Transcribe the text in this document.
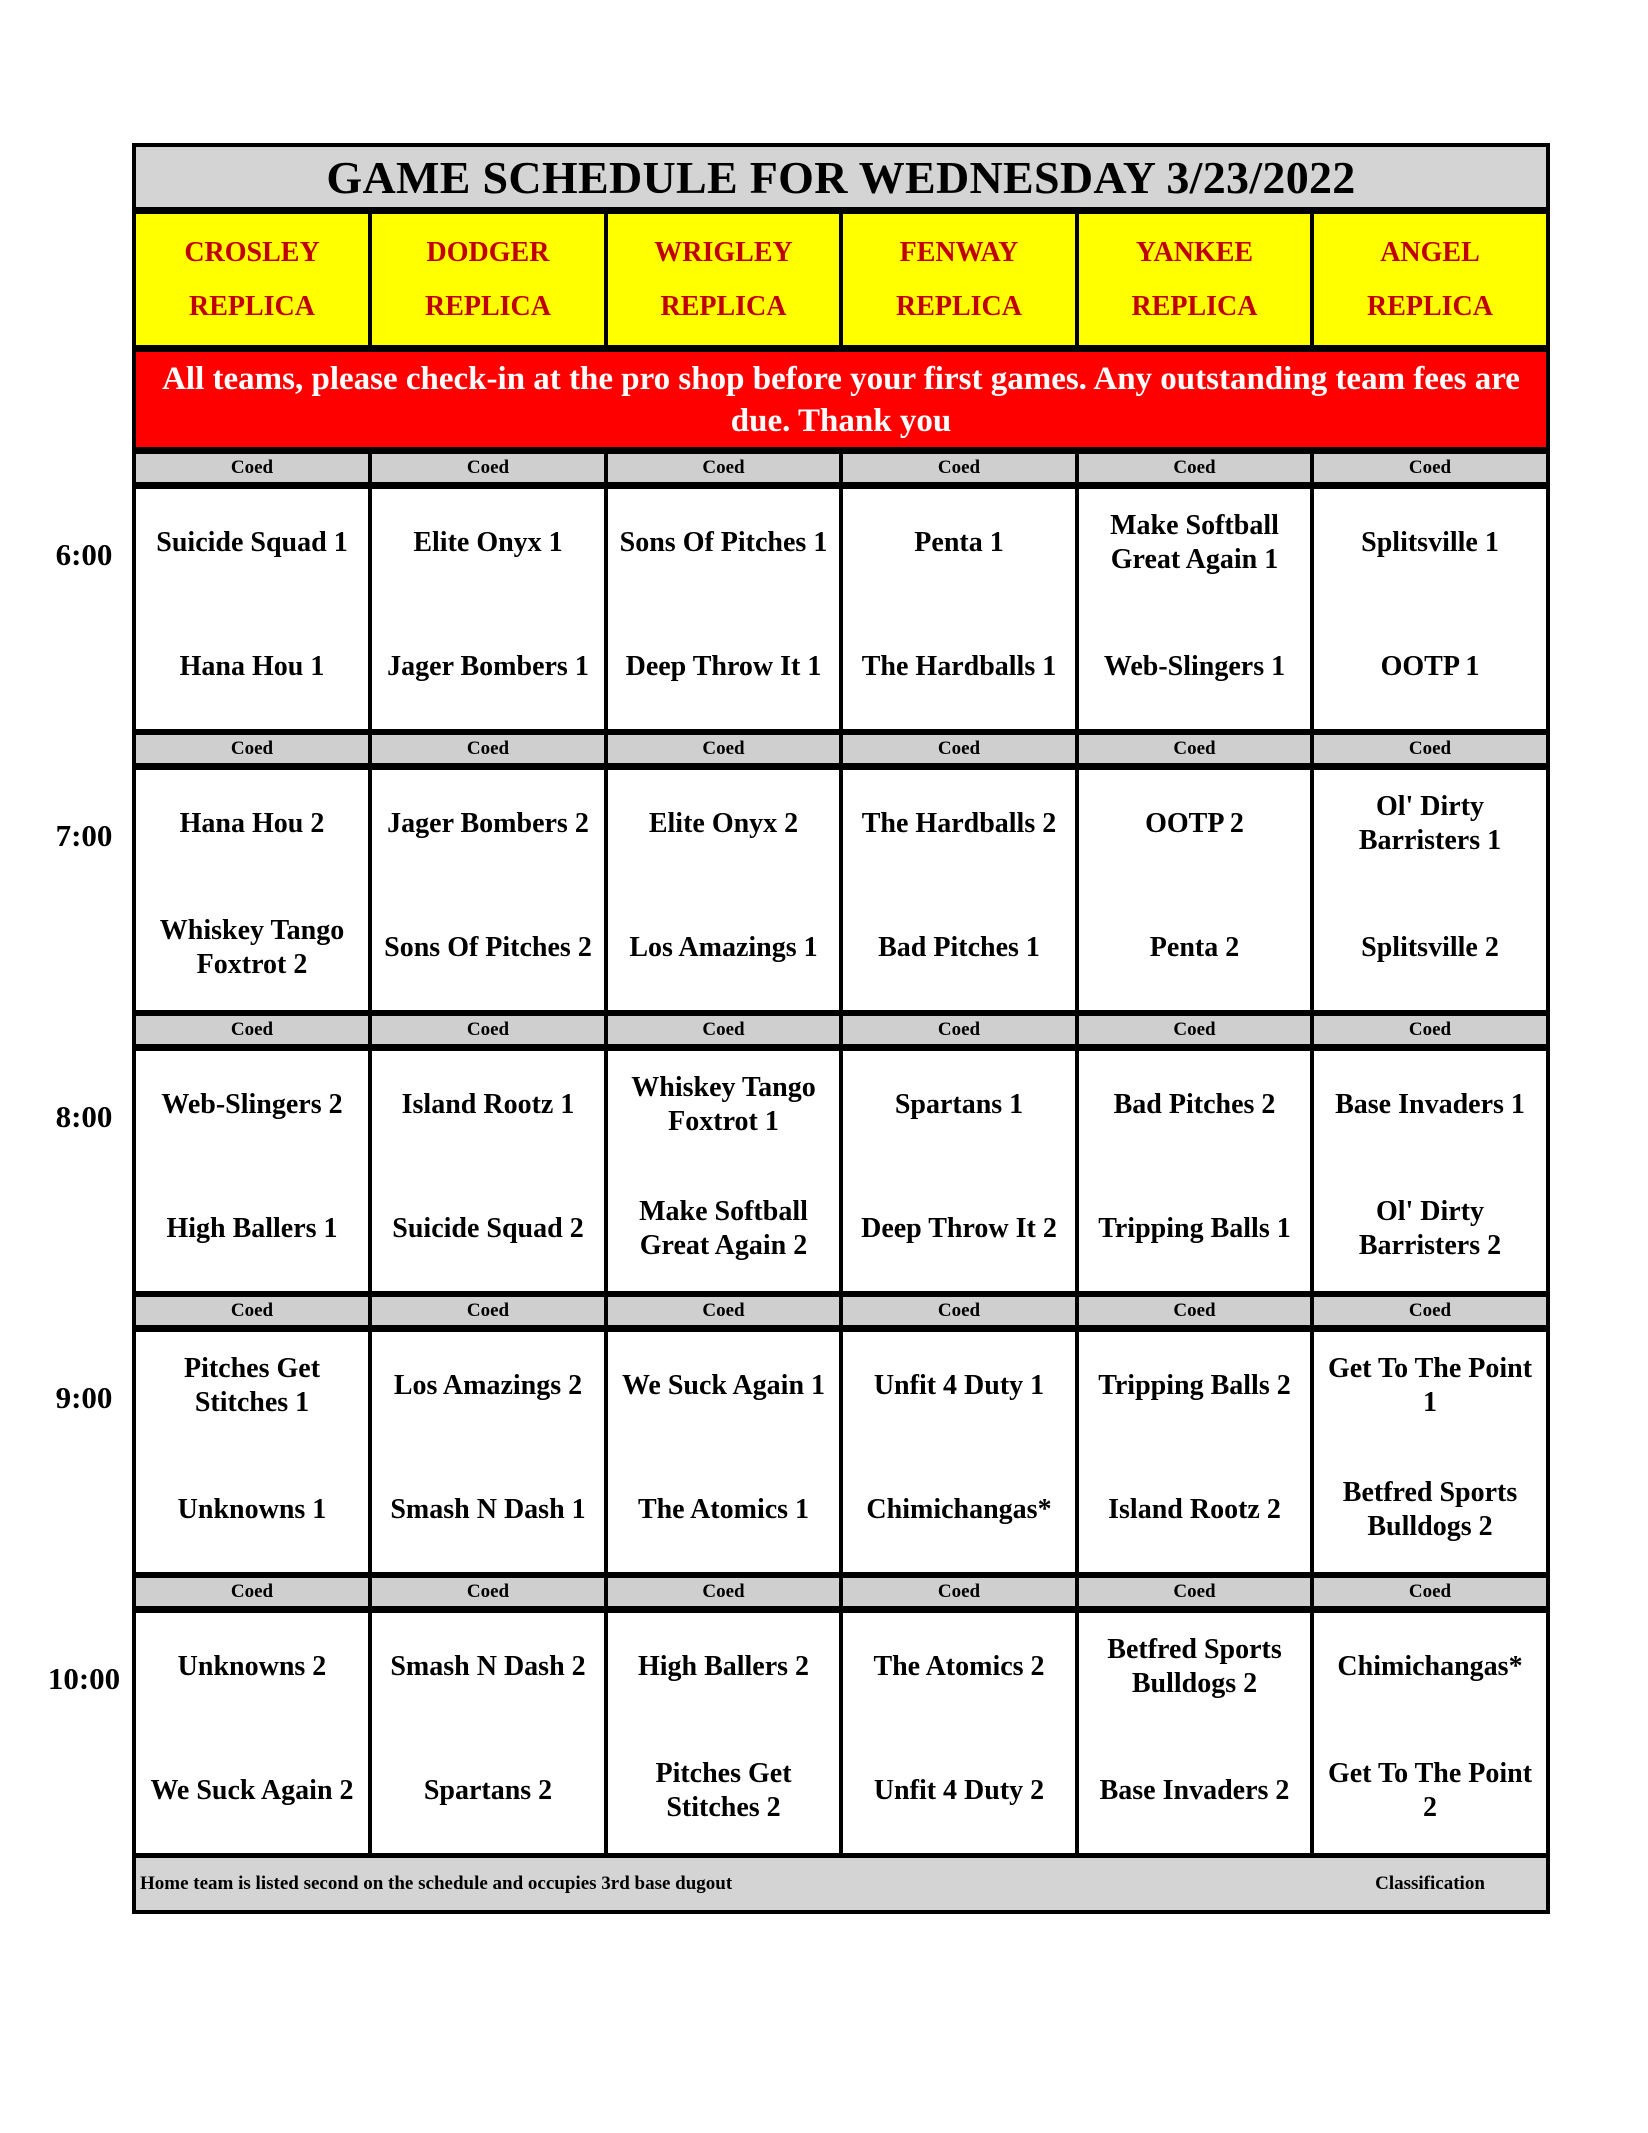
GAME SCHEDULE FOR WEDNESDAY 3/23/2022
All teams, please check-in at the pro shop before your first games. Any outstanding team fees are due. Thank you
Home team is listed second on the schedule and occupies 3rd base dugout
CROSLEY
REPLICA
DODGER
REPLICA
WRIGLEY
REPLICA
FENWAY
REPLICA
YANKEE
REPLICA
ANGEL
REPLICA
Coed
Suicide Squad 1
Hana Hou 1
Coed
Elite Onyx 1
Jager Bombers 1
Coed
Sons Of Pitches 1
Deep Throw It 1
Coed
Penta 1
The Hardballs 1
Coed
Make Softball Great Again 1
Web-Slingers 1
Coed
Splitsville 1
OOTP 1
Coed
Hana Hou 2
Whiskey Tango Foxtrot 2
Coed
Jager Bombers 2
Sons Of Pitches 2
Coed
Elite Onyx 2
Los Amazings 1
Coed
The Hardballs 2
Bad Pitches 1
Coed
OOTP 2
Penta 2
Coed
Ol' Dirty Barristers 1
Splitsville 2
Coed
Web-Slingers 2
High Ballers 1
Coed
Island Rootz 1
Suicide Squad 2
Coed
Whiskey Tango Foxtrot 1
Make Softball Great Again 2
Coed
Spartans 1
Deep Throw It 2
Coed
Bad Pitches 2
Tripping Balls 1
Coed
Base Invaders 1
Ol' Dirty Barristers 2
Coed
Pitches Get Stitches 1
Unknowns 1
Coed
Los Amazings 2
Smash N Dash 1
Coed
We Suck Again 1
The Atomics 1
Coed
Unfit 4 Duty 1
Chimichangas*
Coed
Tripping Balls 2
Island Rootz 2
Coed
Get To The Point 1
Betfred Sports Bulldogs 2
Coed
Unknowns 2
We Suck Again 2
Coed
Smash N Dash 2
Spartans 2
Coed
High Ballers 2
Pitches Get Stitches 2
Coed
The Atomics 2
Unfit 4 Duty 2
Coed
Betfred Sports Bulldogs 2
Base Invaders 2
Coed
Chimichangas*
Get To The Point 2
Classification
6:00
7:00
8:00
9:00
10:00
